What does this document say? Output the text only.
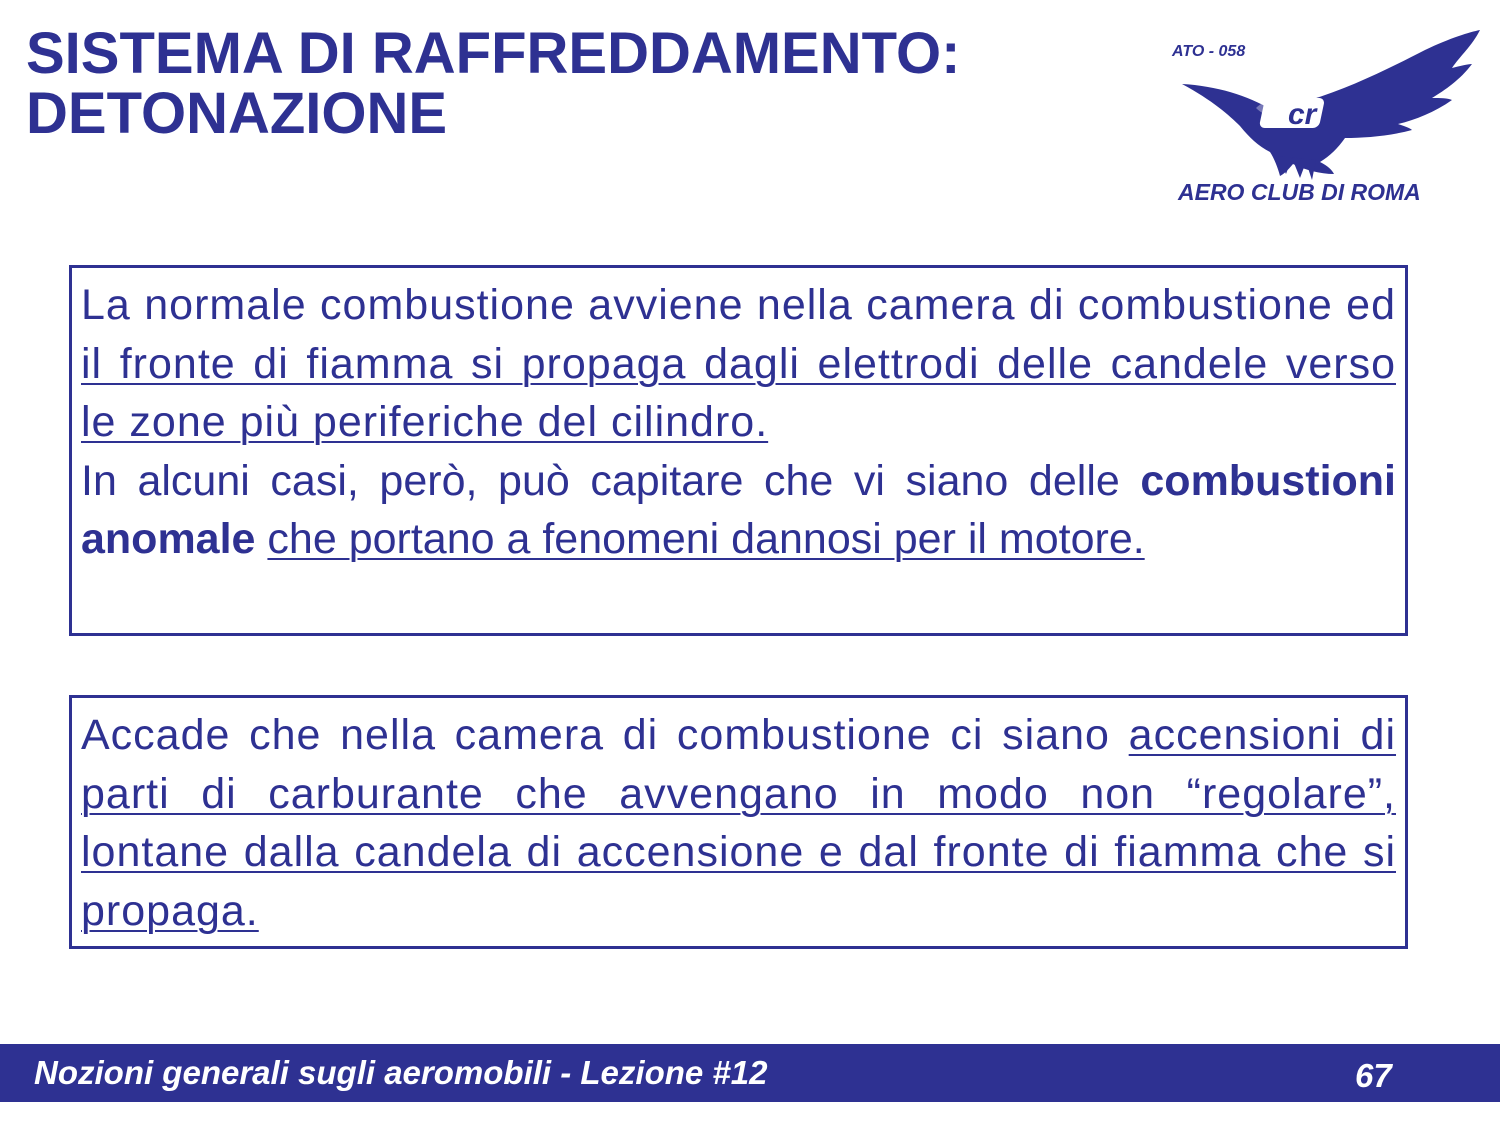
SISTEMA DI RAFFREDDAMENTO:
DETONAZIONE
ATO - 058
cr
AERO CLUB DI ROMA

La normale combustione avviene nella camera di combustione ed il fronte di fiamma si propaga dagli elettrodi delle candele verso le zone più periferiche del cilindro.

In alcuni casi, però, può capitare che vi siano delle combustioni anomale che portano a fenomeni dannosi per il motore.

Accade che nella camera di combustione ci siano accensioni di parti di carburante che avvengano in modo non “regolare”, lontane dalla candela di accensione e dal fronte di fiamma che si propaga.

Nozioni generali sugli aeromobili - Lezione #12	67
